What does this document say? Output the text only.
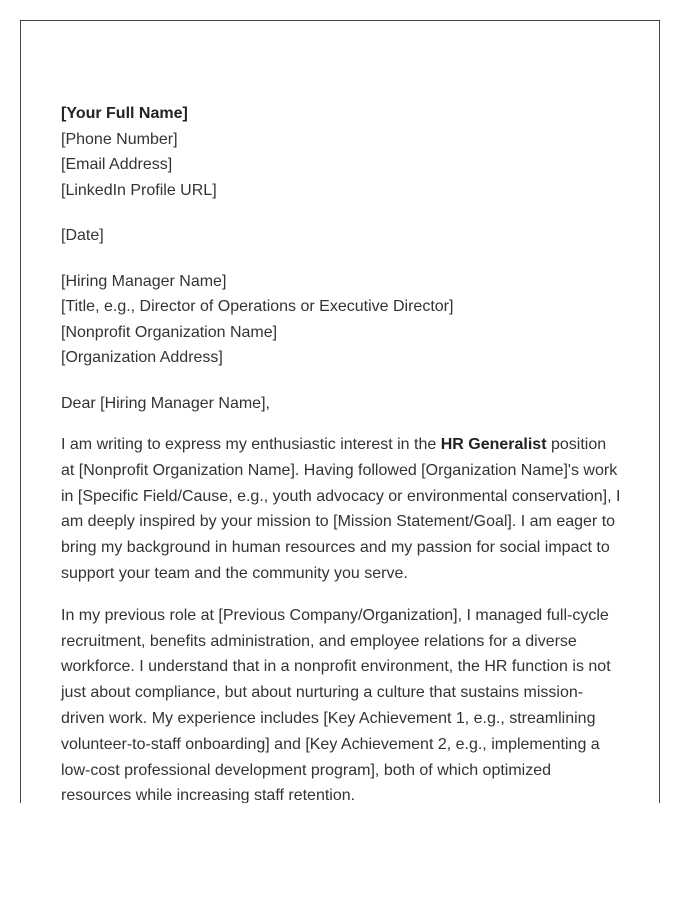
[Your Full Name]
[Phone Number]
[Email Address]
[LinkedIn Profile URL]
[Date]
[Hiring Manager Name]
[Title, e.g., Director of Operations or Executive Director]
[Nonprofit Organization Name]
[Organization Address]
Dear [Hiring Manager Name],
I am writing to express my enthusiastic interest in the HR Generalist position
at [Nonprofit Organization Name]. Having followed [Organization Name]'s work
in [Specific Field/Cause, e.g., youth advocacy or environmental conservation], I
am deeply inspired by your mission to [Mission Statement/Goal]. I am eager to
bring my background in human resources and my passion for social impact to
support your team and the community you serve.
In my previous role at [Previous Company/Organization], I managed full-cycle
recruitment, benefits administration, and employee relations for a diverse
workforce. I understand that in a nonprofit environment, the HR function is not
just about compliance, but about nurturing a culture that sustains mission-
driven work. My experience includes [Key Achievement 1, e.g., streamlining
volunteer-to-staff onboarding] and [Key Achievement 2, e.g., implementing a
low-cost professional development program], both of which optimized
resources while increasing staff retention.
